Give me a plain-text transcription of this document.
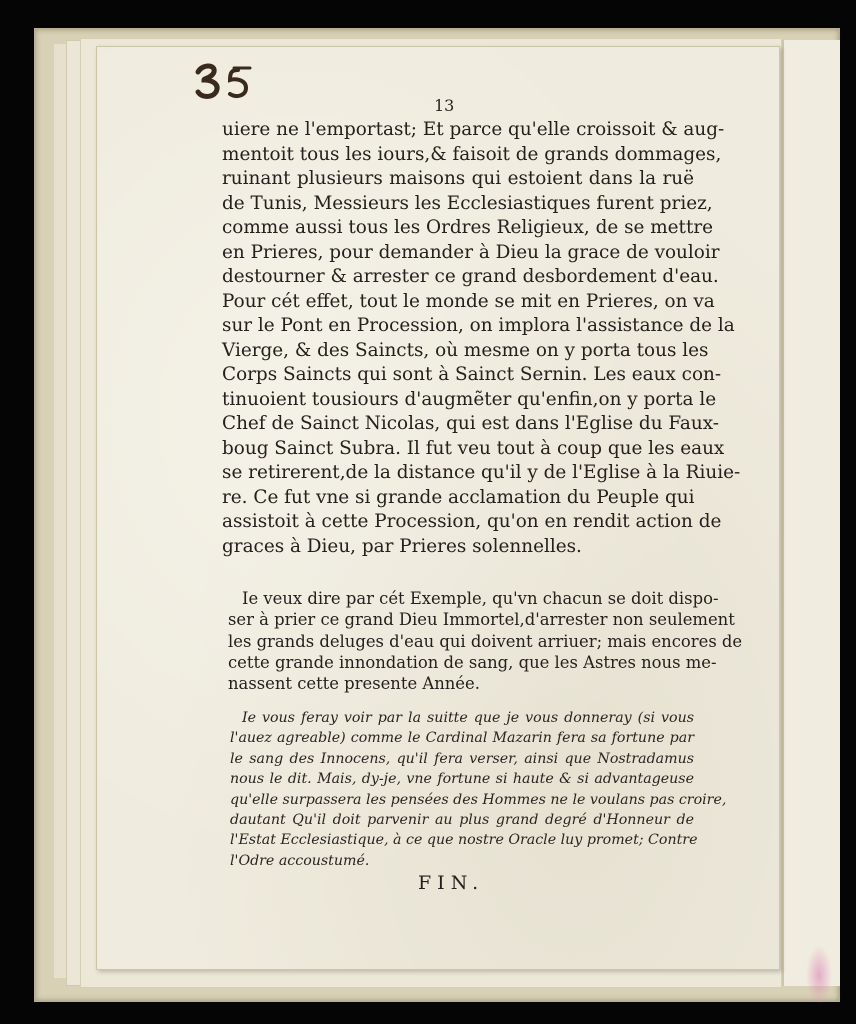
13
uiere ne l'emportast; Et parce qu'elle croissoit & aug-
mentoit tous les iours,& faisoit de grands dommages,
ruinant plusieurs maisons qui estoient dans la ruë
de Tunis, Messieurs les Ecclesiastiques furent priez,
comme aussi tous les Ordres Religieux, de se mettre
en Prieres, pour demander à Dieu la grace de vouloir
destourner & arrester ce grand desbordement d'eau.
Pour cét effet, tout le monde se mit en Prieres, on va
sur le Pont en Procession, on implora l'assistance de la
Vierge, & des Saincts, où mesme on y porta tous les
Corps Saincts qui sont à Sainct Sernin. Les eaux con-
tinuoient tousiours d'augmẽter qu'enfin,on y porta le
Chef de Sainct Nicolas, qui est dans l'Eglise du Faux-
boug Sainct Subra. Il fut veu tout à coup que les eaux
se retirerent,de la distance qu'il y de l'Eglise à la Riuie-
re. Ce fut vne si grande acclamation du Peuple qui
assistoit à cette Procession, qu'on en rendit action de
graces à Dieu, par Prieres solennelles.
Ie veux dire par cét Exemple, qu'vn chacun se doit dispo-
ser à prier ce grand Dieu Immortel,d'arrester non seulement
les grands deluges d'eau qui doivent arriuer; mais encores de
cette grande innondation de sang, que les Astres nous me-
nassent cette presente Année.
Ie vous feray voir par la suitte que je vous donneray (si vous
l'auez agreable) comme le Cardinal Mazarin fera sa fortune par
le sang des Innocens, qu'il fera verser, ainsi que Nostradamus
nous le dit. Mais, dy-je, vne fortune si haute & si advantageuse
qu'elle surpassera les pensées des Hommes ne le voulans pas croire,
dautant Qu'il doit parvenir au plus grand degré d'Honneur de
l'Estat Ecclesiastique, à ce que nostre Oracle luy promet; Contre
l'Odre accoustumé.
FIN.
